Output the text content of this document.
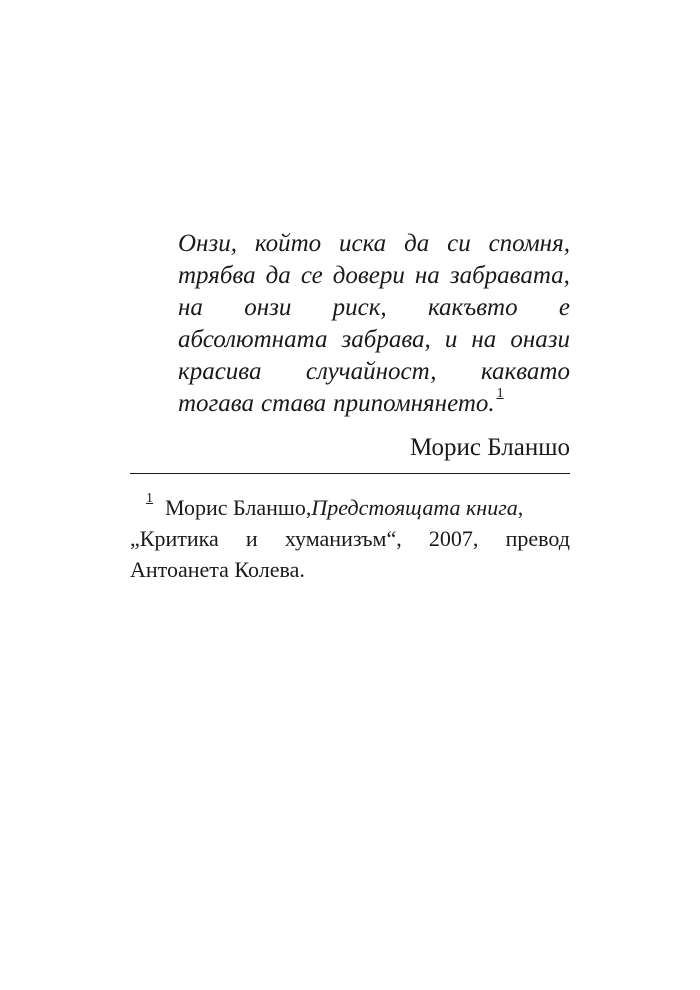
Онзи, който иска да си спомня,
трябва да се довери на забравата,
на онзи риск, какъвто е
абсолютната забрава, и на онази
красива случайност, каквато
тогава става припомнянето.$^1$
Морис Бланшо
1 Морис Бланшо, Предстоящата книга ,
„Критика и хуманизъм“, 2007, превод
Антоанета Колева.
